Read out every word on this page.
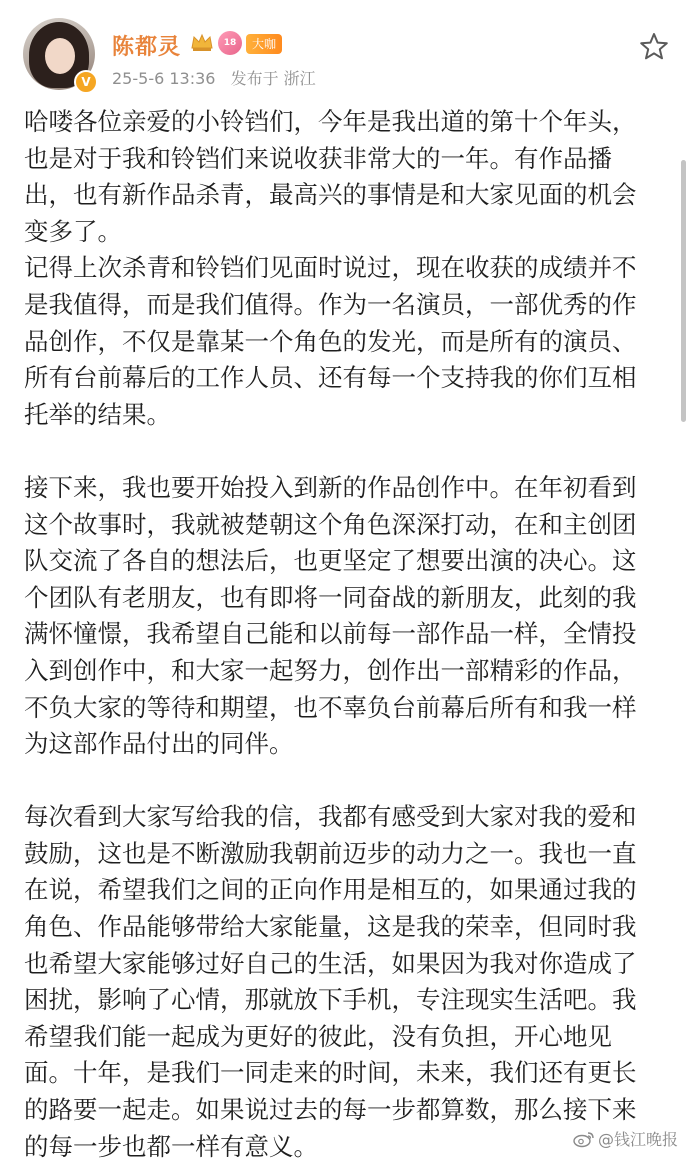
V
陈都灵	18	大咖
25-5-6 13:36 发布于 浙江

哈喽各位亲爱的小铃铛们，今年是我出道的第十个年头，

也是对于我和铃铛们来说收获非常大的一年。有作品播

出，也有新作品杀青，最高兴的事情是和大家见面的机会

变多了。

记得上次杀青和铃铛们见面时说过，现在收获的成绩并不

是我值得，而是我们值得。作为一名演员，一部优秀的作

品创作，不仅是靠某一个角色的发光，而是所有的演员、

所有台前幕后的工作人员、还有每一个支持我的你们互相

托举的结果。

接下来，我也要开始投入到新的作品创作中。在年初看到

这个故事时，我就被楚朝这个角色深深打动，在和主创团

队交流了各自的想法后，也更坚定了想要出演的决心。这

个团队有老朋友，也有即将一同奋战的新朋友，此刻的我

满怀憧憬，我希望自己能和以前每一部作品一样，全情投

入到创作中，和大家一起努力，创作出一部精彩的作品，

不负大家的等待和期望，也不辜负台前幕后所有和我一样

为这部作品付出的同伴。

每次看到大家写给我的信，我都有感受到大家对我的爱和

鼓励，这也是不断激励我朝前迈步的动力之一。我也一直

在说，希望我们之间的正向作用是相互的，如果通过我的

角色、作品能够带给大家能量，这是我的荣幸，但同时我

也希望大家能够过好自己的生活，如果因为我对你造成了

困扰，影响了心情，那就放下手机，专注现实生活吧。我

希望我们能一起成为更好的彼此，没有负担，开心地见

面。十年，是我们一同走来的时间，未来，我们还有更长

的路要一起走。如果说过去的每一步都算数，那么接下来

的每一步也都一样有意义。	@钱江晚报
